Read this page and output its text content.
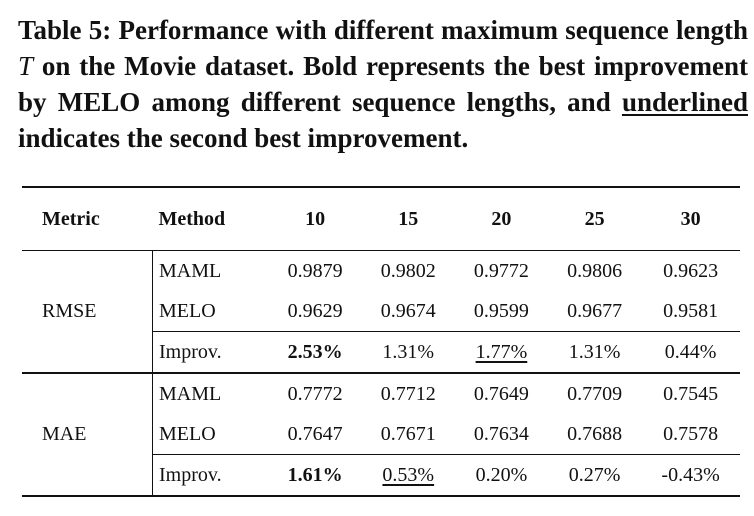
Table 5: Performance with different maximum sequence length T on the Movie dataset. Bold represents the best improvement by MELO among different sequence lengths, and underlined indicates the second best improvement.
Metric	Method	10	15	20	25	30
RMSE	MAML	0.9879	0.9802	0.9772	0.9806	0.9623
	MELO	0.9629	0.9674	0.9599	0.9677	0.9581
	Improv.	2.53%	1.31%	1.77%	1.31%	0.44%
MAE	MAML	0.7772	0.7712	0.7649	0.7709	0.7545
	MELO	0.7647	0.7671	0.7634	0.7688	0.7578
	Improv.	1.61%	0.53%	0.20%	0.27%	-0.43%
